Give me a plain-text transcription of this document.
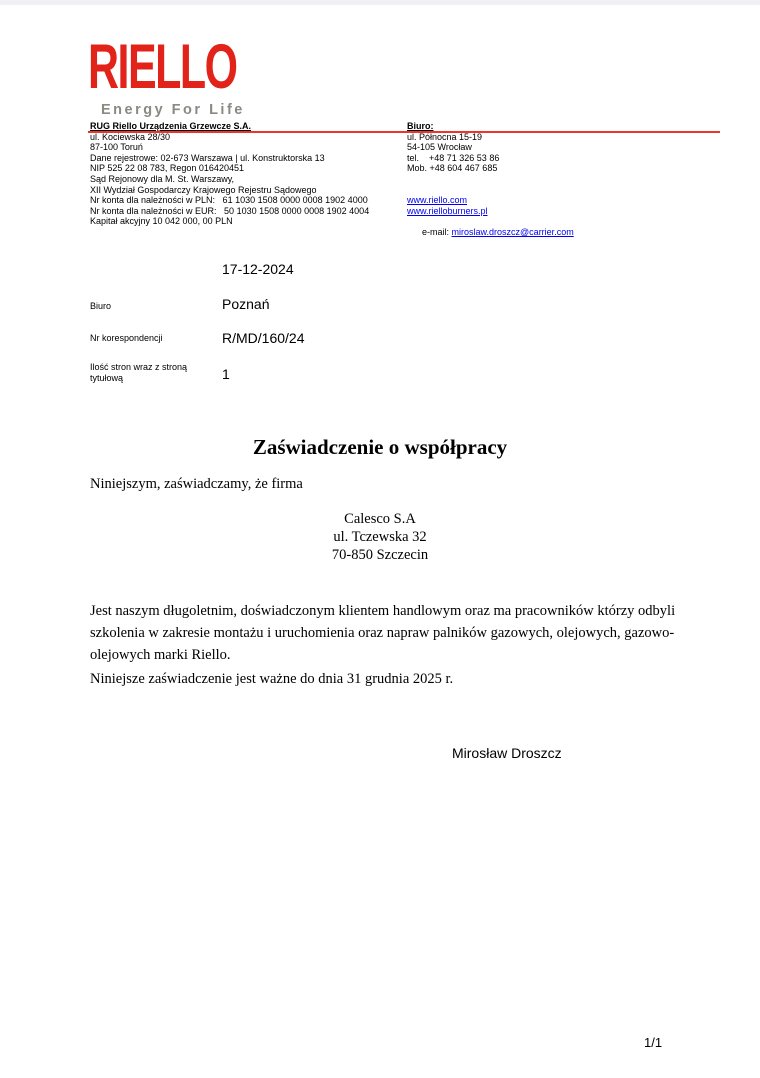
RIELLO
Energy For Life
RUG Riello Urządzenia Grzewcze S.A.
ul. Kociewska 28/30
87-100 Toruń
Dane rejestrowe: 02-673 Warszawa | ul. Konstruktorska 13
NIP 525 22 08 783, Regon 016420451
Sąd Rejonowy dla M. St. Warszawy,
XII Wydział Gospodarczy Krajowego Rejestru Sądowego
Nr konta dla należności w PLN:   61 1030 1508 0000 0008 1902 4000
Nr konta dla należności w EUR:   50 1030 1508 0000 0008 1902 4004
Kapitał akcyjny 10 042 000, 00 PLN
Biuro:
ul. Północna 15-19
54-105 Wrocław
tel.    +48 71 326 53 86
Mob. +48 604 467 685
www.riello.com
www.rielloburners.pl

e-mail: miroslaw.droszcz@carrier.com

17-12-2024
Biuro	Poznań
Nr korespondencji	R/MD/160/24
Ilość stron wraz z stroną tytułową	1
Zaświadczenie o współpracy
Niniejszym, zaświadczamy, że firma
Calesco S.A
ul. Tczewska 32
70-850 Szczecin
Jest naszym długoletnim, doświadczonym klientem handlowym oraz ma pracowników którzy odbyli szkolenia w zakresie montażu i uruchomienia oraz napraw palników gazowych, olejowych, gazowo-olejowych marki Riello.
Niniejsze zaświadczenie jest ważne do dnia 31 grudnia 2025 r.
Mirosław Droszcz
1/1
